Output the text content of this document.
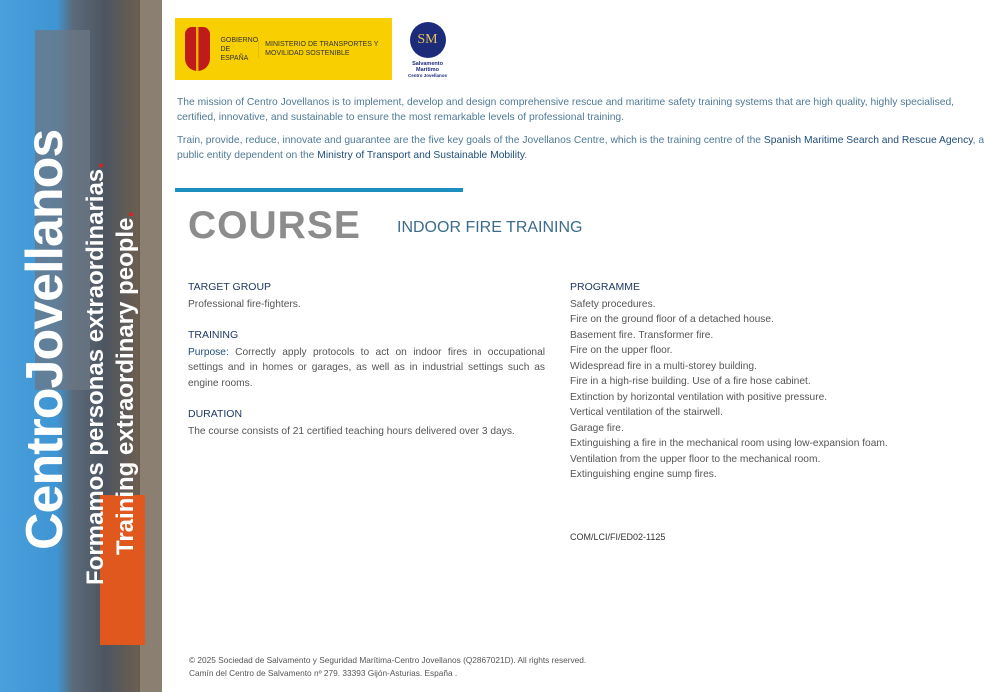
CentroJovellanos Formamos personas extraordinarias.
Training extraordinary people.
GOBIERNO DE ESPAÑA
MINISTERIO DE TRANSPORTES Y MOVILIDAD SOSTENIBLE
SM
Salvamento Marítimo
Centro Jovellanos

The mission of Centro Jovellanos is to implement, develop and design comprehensive rescue and maritime safety training systems that are high quality, highly specialised, certified, innovative, and sustainable to ensure the most remarkable levels of professional training.

Train, provide, reduce, innovate and guarantee are the five key goals of the Jovellanos Centre, which is the training centre of the Spanish Maritime Search and Rescue Agency, a public entity dependent on the Ministry of Transport and Sustainable Mobility.

COURSE INDOOR FIRE TRAINING
TARGET GROUP
Professional fire-fighters.
TRAINING
Purpose: Correctly apply protocols to act on indoor fires in occupational settings and in homes or garages, as well as in industrial settings such as engine rooms.
DURATION
The course consists of 21 certified teaching hours delivered over 3 days.
PROGRAMME
Safety procedures.
Fire on the ground floor of a detached house.
Basement fire. Transformer fire.
Fire on the upper floor.
Widespread fire in a multi-storey building.
Fire in a high-rise building. Use of a fire hose cabinet.
Extinction by horizontal ventilation with positive pressure.
Vertical ventilation of the stairwell.
Garage fire.
Extinguishing a fire in the mechanical room using low-expansion foam.
Ventilation from the upper floor to the mechanical room.
Extinguishing engine sump fires.
COM/LCI/FI/ED02-1125
© 2025 Sociedad de Salvamento y Seguridad Marítima-Centro Jovellanos (Q2867021D). All rights reserved.
Camín del Centro de Salvamento nº 279. 33393 Gijón-Asturias. España .
